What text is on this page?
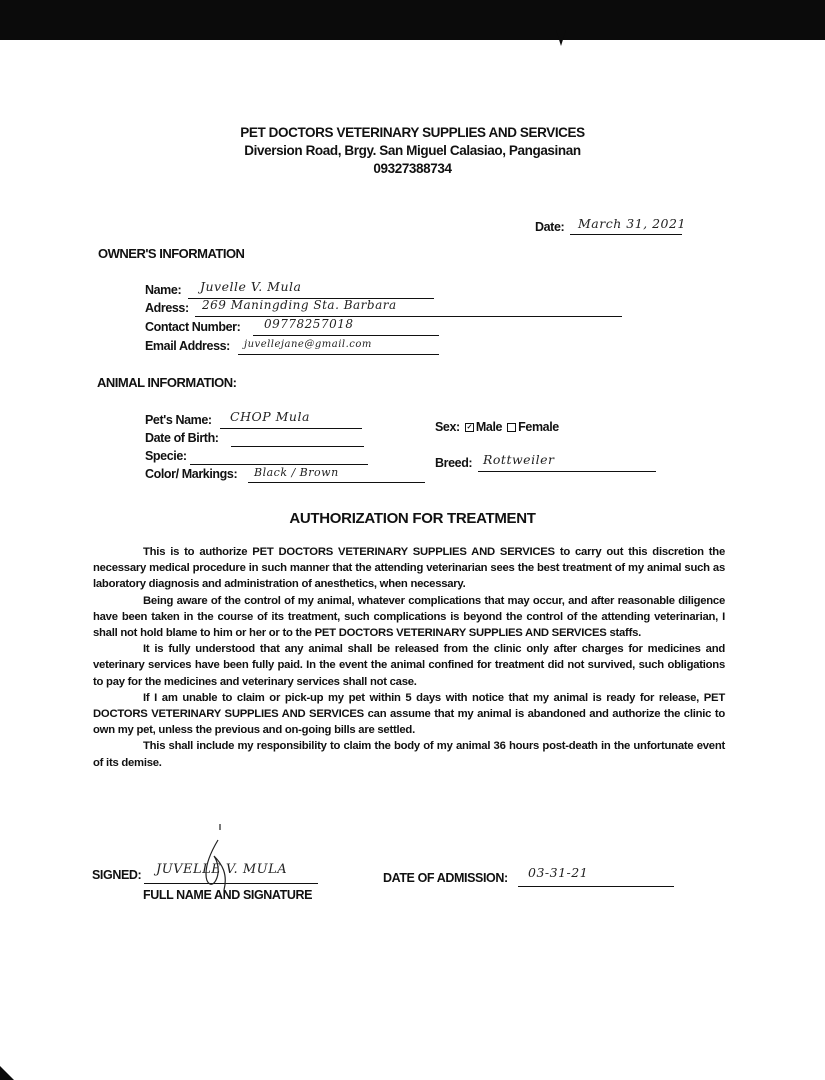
PET DOCTORS VETERINARY SUPPLIES AND SERVICES
Diversion Road, Brgy. San Miguel Calasiao, Pangasinan
09327388734
Date: March 31, 2021
OWNER'S INFORMATION
Name: Juvelle V. Mula
Adress: 269 Maningding Sta. Barbara
Contact Number: 09778257018
Email Address: juvellejane@gmail.com
ANIMAL INFORMATION:
Pet's Name: CHOP Mula
Date of Birth:
Specie:
Color/ Markings: Black / Brown
Sex: ✓ Male Female
Breed: Rottweiler
AUTHORIZATION FOR TREATMENT

This is to authorize PET DOCTORS VETERINARY SUPPLIES AND SERVICES to carry out this discretion the necessary medical procedure in such manner that the attending veterinarian sees the best treatment of my animal such as laboratory diagnosis and administration of anesthetics, when necessary.

Being aware of the control of my animal, whatever complications that may occur, and after reasonable diligence have been taken in the course of its treatment, such complications is beyond the control of the attending veterinarian, I shall not hold blame to him or her or to the PET DOCTORS VETERINARY SUPPLIES AND SERVICES staffs.

It is fully understood that any animal shall be released from the clinic only after charges for medicines and veterinary services have been fully paid. In the event the animal confined for treatment did not survived, such obligations to pay for the medicines and veterinary services shall not case.

If I am unable to claim or pick-up my pet within 5 days with notice that my animal is ready for release, PET DOCTORS VETERINARY SUPPLIES AND SERVICES can assume that my animal is abandoned and authorize the clinic to own my pet, unless the previous and on-going bills are settled.

This shall include my responsibility to claim the body of my animal 36 hours post-death in the unfortunate event of its demise.

SIGNED: JUVELLE V. MULA
FULL NAME AND SIGNATURE
DATE OF ADMISSION: 03-31-21
